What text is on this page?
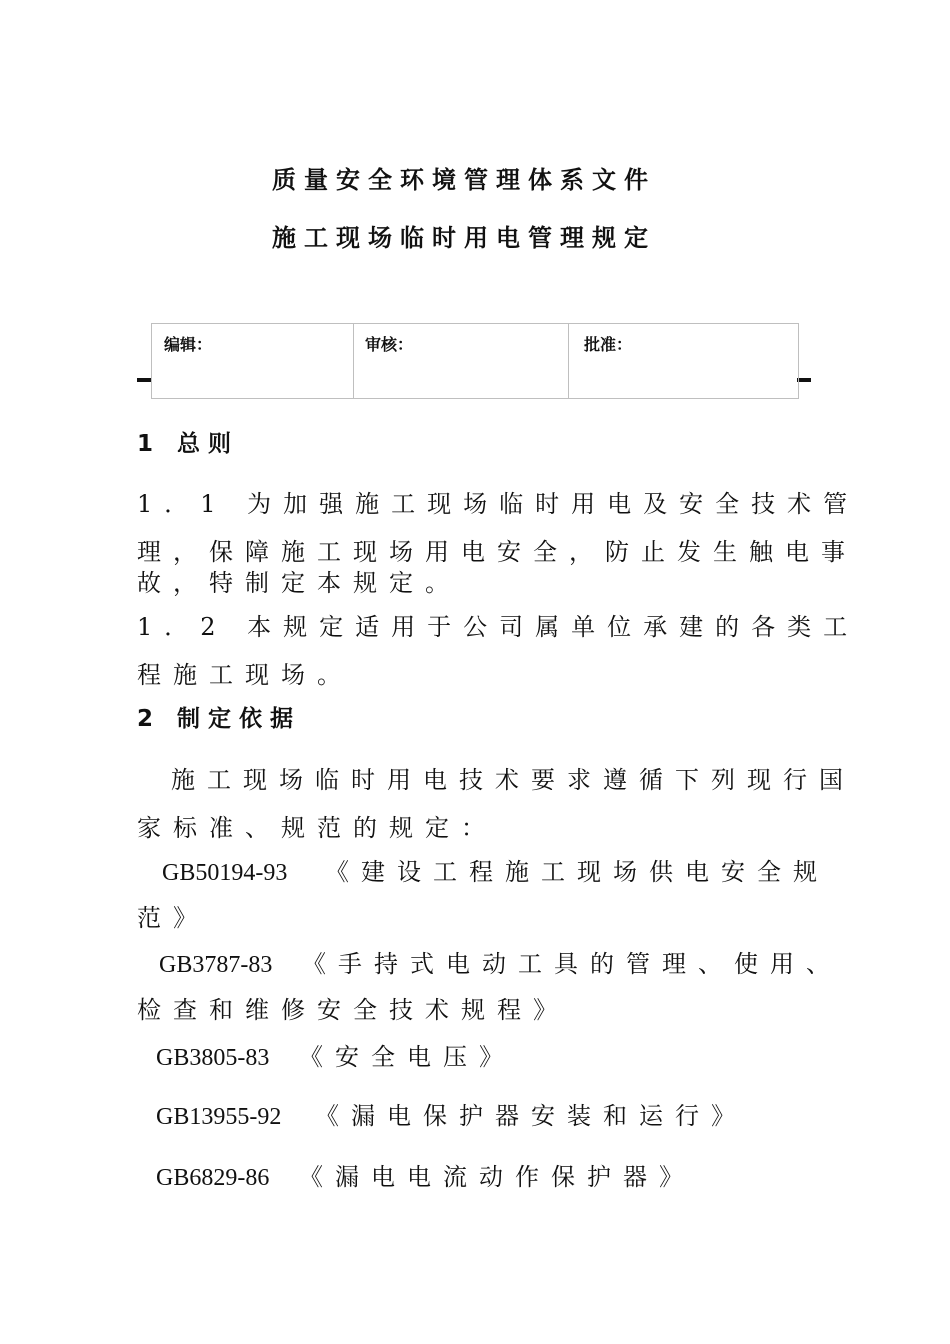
质量安全环境管理体系文件
施工现场临时用电管理规定
编辑：	审核：	批准：
1 总则
1．1 为加强施工现场临时用电及安全技术管
理，保障施工现场用电安全，防止发生触电事
故，特制定本规定。
1．2 本规定适用于公司属单位承建的各类工
程施工现场。
2 制定依据
施工现场临时用电技术要求遵循下列现行国
家标准、规范的规定：
GB50194-93 《建设工程施工现场供电安全规
范》
GB3787-83 《手持式电动工具的管理、使用、
检查和维修安全技术规程》
GB3805-83 《安全电压》
GB13955-92 《漏电保护器安装和运行》
GB6829-86 《漏电电流动作保护器》
